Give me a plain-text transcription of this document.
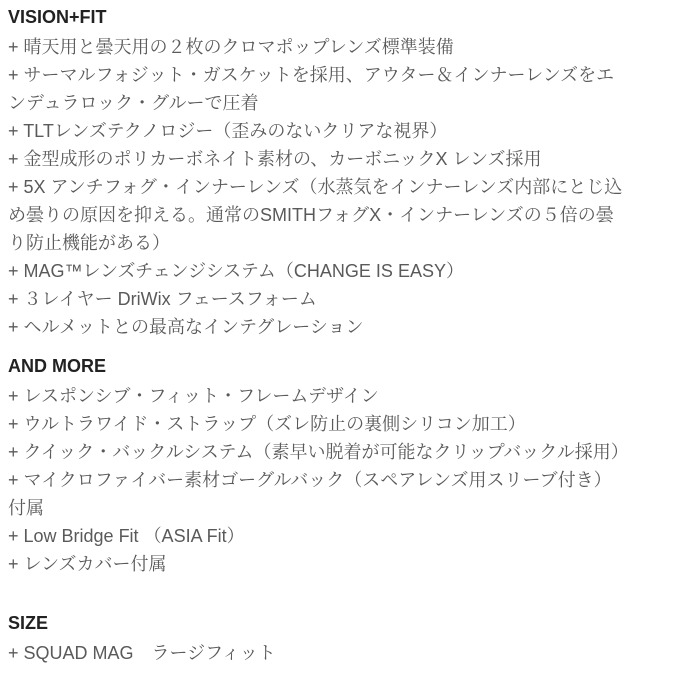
VISION+FIT

+ 晴天用と曇天用の２枚のクロマポップレンズ標準装備

+ サーマルフォジット・ガスケットを採用、アウター＆インナーレンズをエンデュラロック・グルーで圧着

+ TLTレンズテクノロジー（歪みのないクリアな視界）

+ 金型成形のポリカーボネイト素材の、カーボニックX レンズ採用

+ 5X アンチフォグ・インナーレンズ（水蒸気をインナーレンズ内部にとじ込め曇りの原因を抑える。通常のSMITHフォグX・インナーレンズの５倍の曇り防止機能がある）

+ MAG™レンズチェンジシステム（CHANGE IS EASY）

+ ３レイヤー DriWix フェースフォーム

+ ヘルメットとの最高なインテグレーション

AND MORE

+ レスポンシブ・フィット・フレームデザイン

+ ウルトラワイド・ストラップ（ズレ防止の裏側シリコン加工）

+ クイック・バックルシステム（素早い脱着が可能なクリップバックル採用）

+ マイクロファイバー素材ゴーグルバック（スペアレンズ用スリーブ付き）付属

+ Low Bridge Fit （ASIA Fit）

+ レンズカバー付属

SIZE

+ SQUAD MAG　ラージフィット
